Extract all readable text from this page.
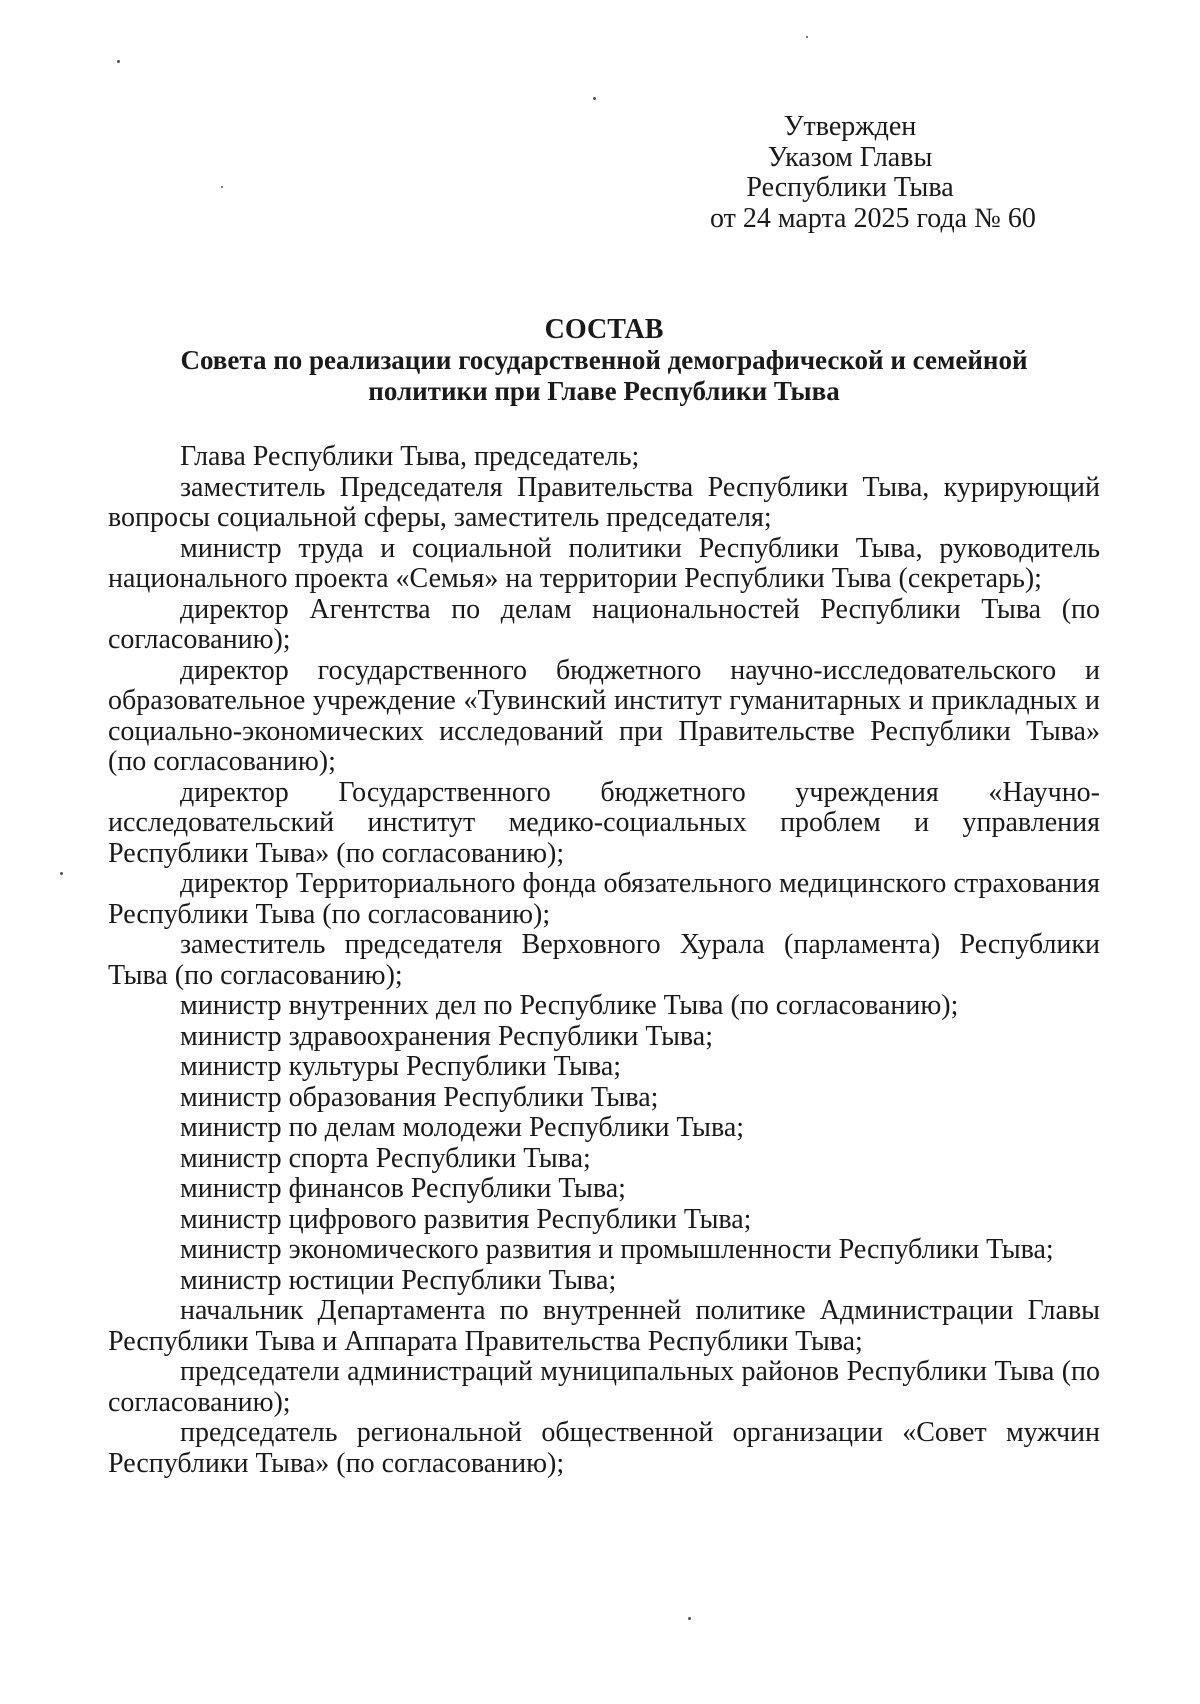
Утвержден
Указом Главы
Республики Тыва
от 24 марта 2025 года № 60
СОСТАВ
Совета по реализации государственной демографической и семейной
политики при Главе Республики Тыва

Глава Республики Тыва, председатель;

заместитель Председателя Правительства Республики Тыва, курирующий вопросы социальной сферы, заместитель председателя;

министр труда и социальной политики Республики Тыва, руководитель национального проекта «Семья» на территории Республики Тыва (секретарь);

директор Агентства по делам национальностей Республики Тыва (по согласованию);

директор государственного бюджетного научно-исследовательского и образовательное учреждение «Тувинский институт гуманитарных и прикладных и социально-экономических исследований при Правительстве Республики Тыва» (по согласованию);

директор Государственного бюджетного учреждения «Научно-исследовательский институт медико-социальных проблем и управления Республики Тыва» (по согласованию);

директор Территориального фонда обязательного медицинского страхования Республики Тыва (по согласованию);

заместитель председателя Верховного Хурала (парламента) Республики Тыва (по согласованию);

министр внутренних дел по Республике Тыва (по согласованию);

министр здравоохранения Республики Тыва;

министр культуры Республики Тыва;

министр образования Республики Тыва;

министр по делам молодежи Республики Тыва;

министр спорта Республики Тыва;

министр финансов Республики Тыва;

министр цифрового развития Республики Тыва;

министр экономического развития и промышленности Республики Тыва;

министр юстиции Республики Тыва;

начальник Департамента по внутренней политике Администрации Главы Республики Тыва и Аппарата Правительства Республики Тыва;

председатели администраций муниципальных районов Республики Тыва (по согласованию);

председатель региональной общественной организации «Совет мужчин Республики Тыва» (по согласованию);
